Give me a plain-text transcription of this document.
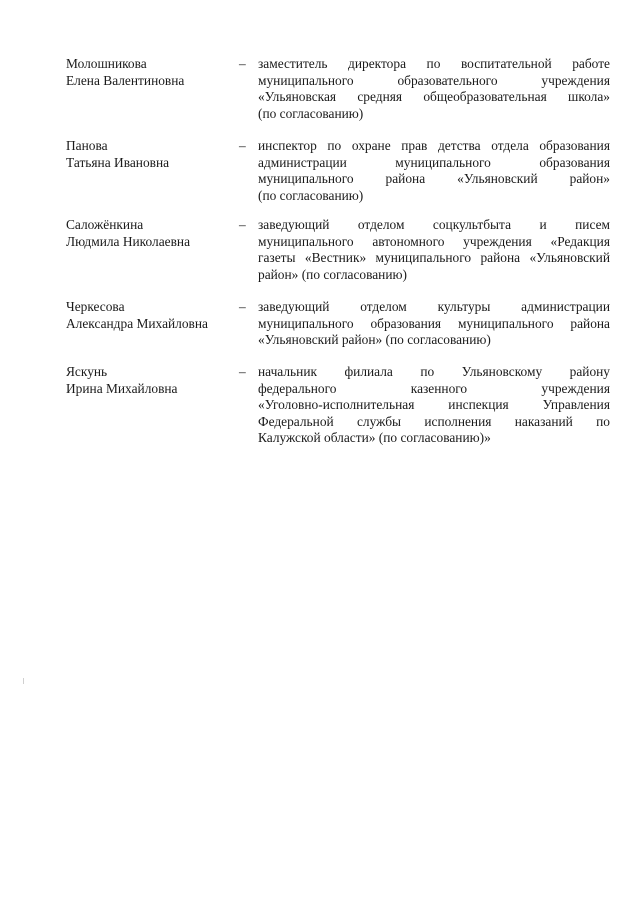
Молошникова
Елена Валентиновна
– заместитель директора по воспитательной работе
муниципального образовательного учреждения
«Ульяновская средняя общеобразовательная школа»
(по согласованию)
Панова
Татьяна Ивановна
– инспектор по охране прав детства отдела образования
администрации муниципального образования
муниципального района «Ульяновский район»
(по согласованию)
Саложёнкина
Людмила Николаевна
– заведующий отделом соцкультбыта и писем
муниципального автономного учреждения «Редакция
газеты «Вестник» муниципального района «Ульяновский
район» (по согласованию)
Черкесова
Александра Михайловна
– заведующий отделом культуры администрации
муниципального образования муниципального района
«Ульяновский район» (по согласованию)
Яскунь
Ирина Михайловна
– начальник филиала по Ульяновскому району
федерального казенного учреждения
«Уголовно-исполнительная инспекция Управления
Федеральной службы исполнения наказаний по
Калужской области» (по согласованию)»
